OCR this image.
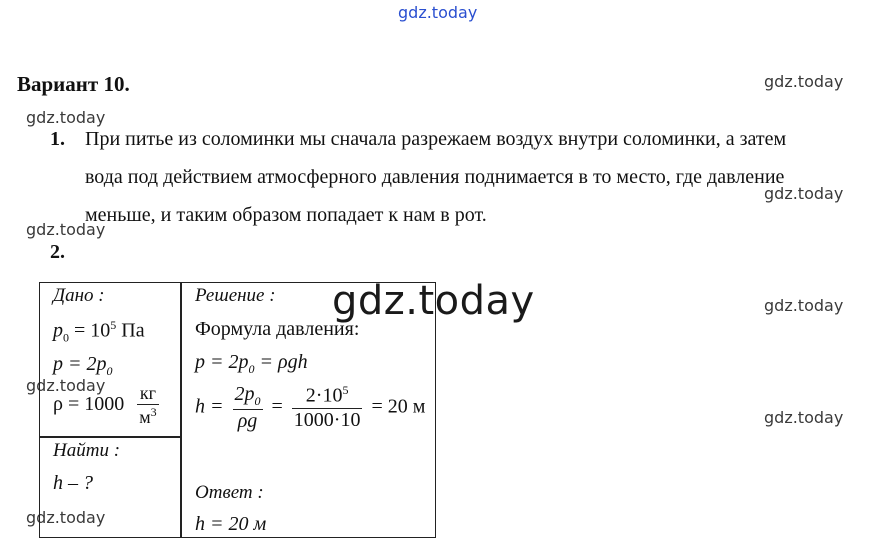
gdz.today
gdz.today
gdz.today
gdz.today
gdz.today
gdz.today	gdz.today
gdz.today
gdz.today
gdz.today
Вариант 10.
1. При питье из соломинки мы сначала разрежаем воздух внутри соломинки, а затем
вода под действием атмосферного давления поднимается в то место, где давление
меньше, и таким образом попадает к нам в рот.
2.
Дано :
$p_0 = 10^5$ Па
$p = 2p_0$
$\rho = 1000 \frac{кг}{м^3}$
Найти :
h – ?
Решение :
Формула давления:
$p = 2p_0 = \rho gh$
$h = \frac{2p_0}{\rho g} = \frac{2\cdot 10^5}{1000\cdot 10} = 20$ м
Ответ :
h = 20 м
